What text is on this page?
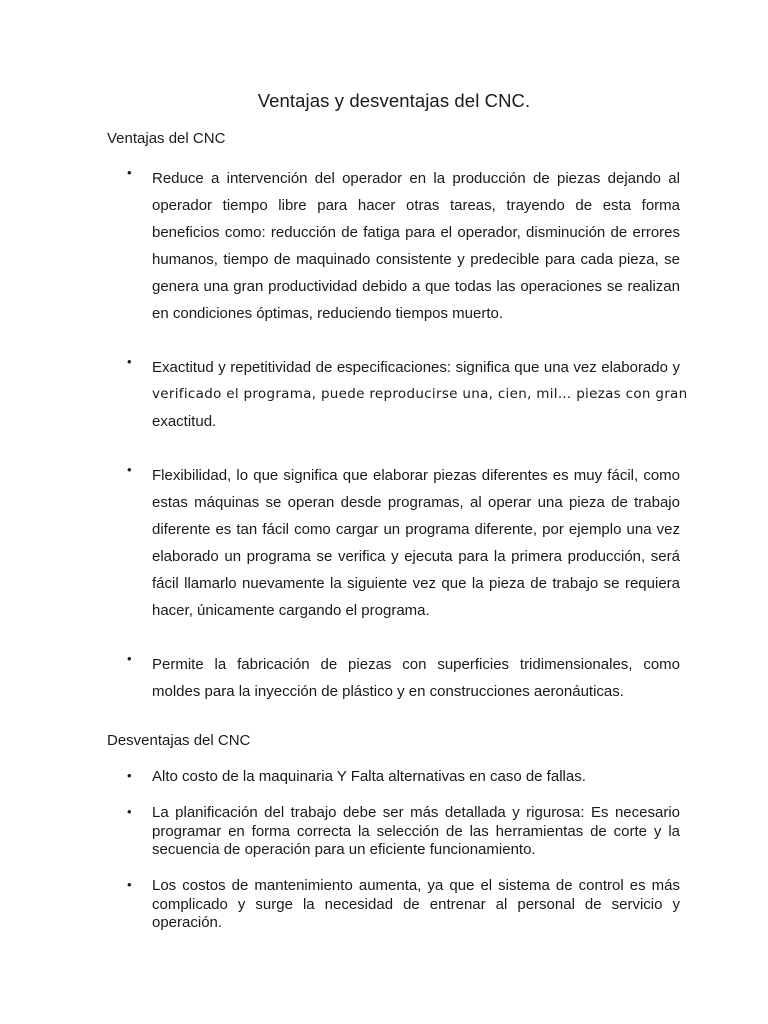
Ventajas y desventajas del CNC.
Ventajas del CNC
• Reduce a intervención del operador en la producción de piezas dejando al
operador tiempo libre para hacer otras tareas, trayendo de esta forma
beneficios como: reducción de fatiga para el operador, disminución de errores
humanos, tiempo de maquinado consistente y predecible para cada pieza, se
genera una gran productividad debido a que todas las operaciones se realizan
en condiciones óptimas, reduciendo tiempos muerto.
• Exactitud y repetitividad de especificaciones: significa que una vez elaborado y
verificado el programa, puede reproducirse una, cien, mil… piezas con gran
exactitud.
• Flexibilidad, lo que significa que elaborar piezas diferentes es muy fácil, como
estas máquinas se operan desde programas, al operar una pieza de trabajo
diferente es tan fácil como cargar un programa diferente, por ejemplo una vez
elaborado un programa se verifica y ejecuta para la primera producción, será
fácil llamarlo nuevamente la siguiente vez que la pieza de trabajo se requiera
hacer, únicamente cargando el programa.
• Permite la fabricación de piezas con superficies tridimensionales, como
moldes para la inyección de plástico y en construcciones aeronáuticas.
Desventajas del CNC
• Alto costo de la maquinaria Y Falta alternativas en caso de fallas.
• La planificación del trabajo debe ser más detallada y rigurosa: Es necesario
programar en forma correcta la selección de las herramientas de corte y la
secuencia de operación para un eficiente funcionamiento.
• Los costos de mantenimiento aumenta, ya que el sistema de control es más
complicado y surge la necesidad de entrenar al personal de servicio y
operación.
